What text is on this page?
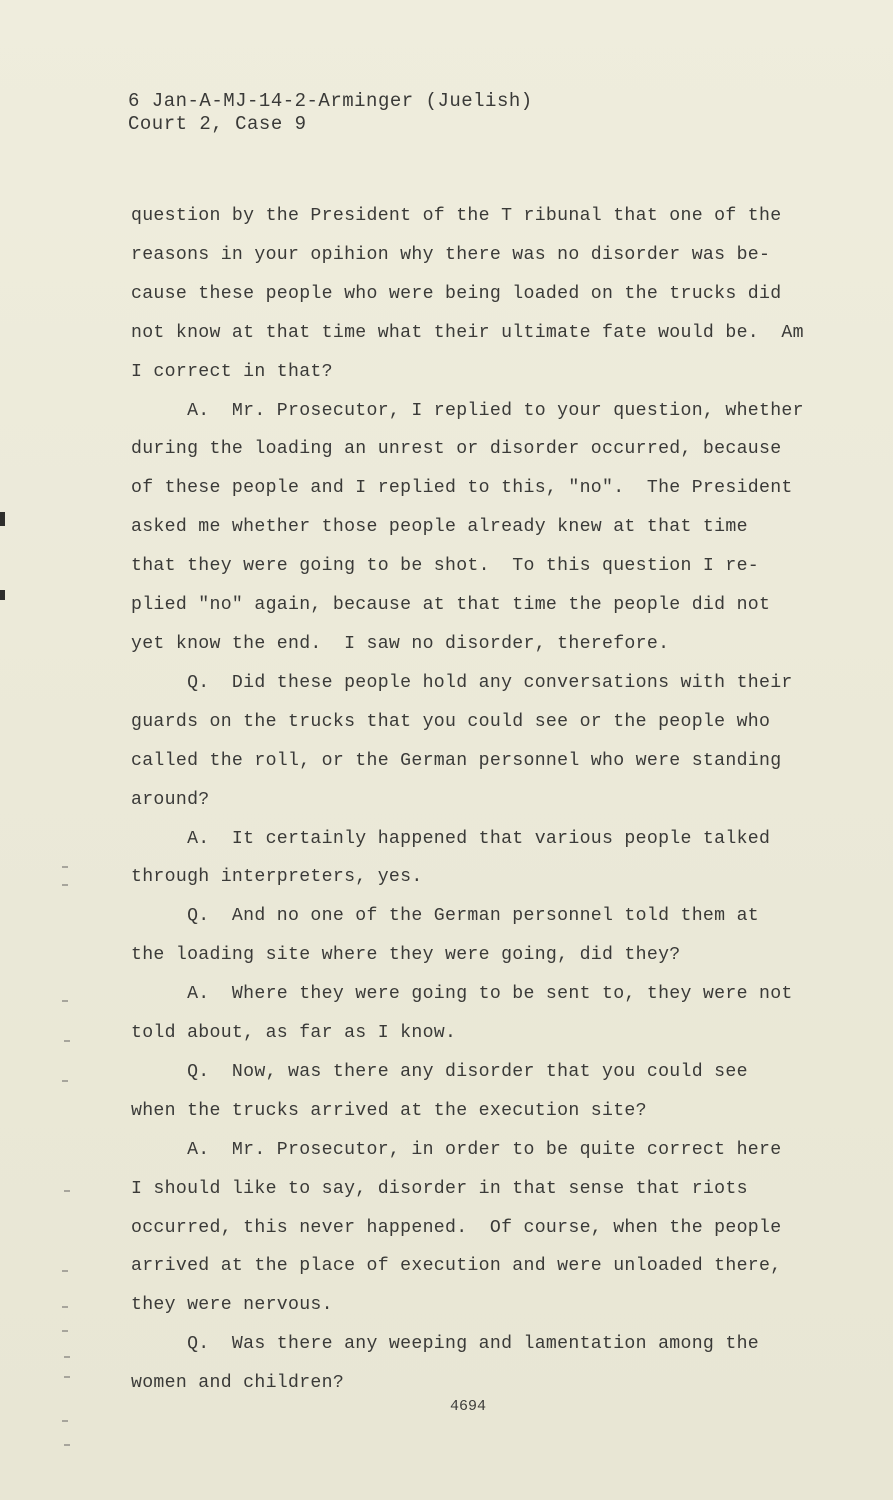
6 Jan-A-MJ-14-2-Arminger (Juelish)
Court 2, Case 9
question by the President of the T ribunal that one of the
reasons in your opihion why there was no disorder was be-
cause these people who were being loaded on the trucks did
not know at that time what their ultimate fate would be.  Am
I correct in that?
A.  Mr. Prosecutor, I replied to your question, whether
during the loading an unrest or disorder occurred, because
of these people and I replied to this, "no".  The President
asked me whether those people already knew at that time
that they were going to be shot.  To this question I re-
plied "no" again, because at that time the people did not
yet know the end.  I saw no disorder, therefore.
Q.  Did these people hold any conversations with their
guards on the trucks that you could see or the people who
called the roll, or the German personnel who were standing
around?
A.  It certainly happened that various people talked
through interpreters, yes.
Q.  And no one of the German personnel told them at
the loading site where they were going, did they?
A.  Where they were going to be sent to, they were not
told about, as far as I know.
Q.  Now, was there any disorder that you could see
when the trucks arrived at the execution site?
A.  Mr. Prosecutor, in order to be quite correct here
I should like to say, disorder in that sense that riots
occurred, this never happened.  Of course, when the people
arrived at the place of execution and were unloaded there,
they were nervous.
Q.  Was there any weeping and lamentation among the
women and children?
4694
